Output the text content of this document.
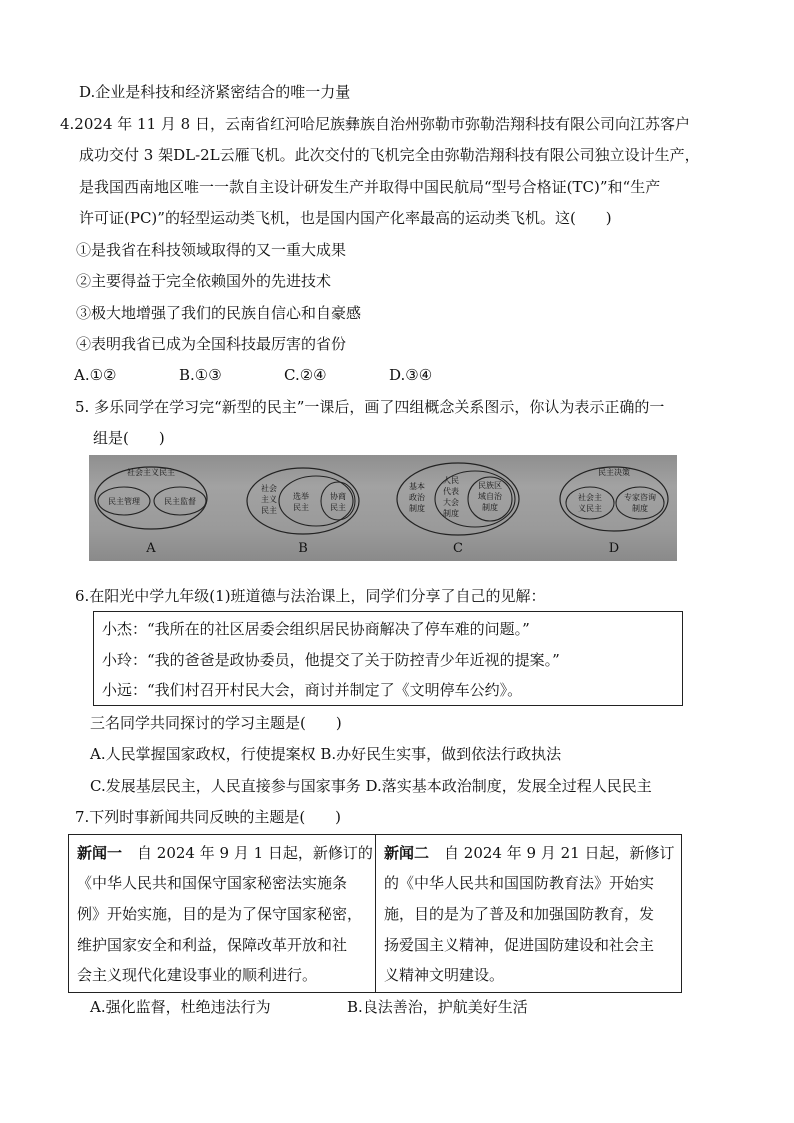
D.企业是科技和经济紧密结合的唯一力量
4.2024 年 11 月 8 日，云南省红河哈尼族彝族自治州弥勒市弥勒浩翔科技有限公司向江苏客户
成功交付 3 架DL-2L云雁飞机。此次交付的飞机完全由弥勒浩翔科技有限公司独立设计生产，
是我国西南地区唯一一款自主设计研发生产并取得中国民航局“型号合格证(TC)”和“生产
许可证(PC)”的轻型运动类飞机，也是国内国产化率最高的运动类飞机。这(　　)
①是我省在科技领域取得的又一重大成果
②主要得益于完全依赖国外的先进技术
③极大地增强了我们的民族自信心和自豪感
④表明我省已成为全国科技最厉害的省份
A.①②	B.①③	C.②④	D.③④
5. 多乐同学在学习完“新型的民主”一课后，画了四组概念关系图示，你认为表示正确的一
组是(　　)
社会主义民主
民主管理	民主监督
A
社会
主义
民主
选举
民主
协商
民主
B
基本
政治
制度
人民
代表
大会
制度
民族区
域自治
制度
C
民主决策
社会主
义民主
专家咨询
制度
D
6.在阳光中学九年级(1)班道德与法治课上，同学们分享了自己的见解：
小杰：“我所在的社区居委会组织居民协商解决了停车难的问题。”
小玲：“我的爸爸是政协委员，他提交了关于防控青少年近视的提案。”
小远：“我们村召开村民大会，商讨并制定了《文明停车公约》。
三名同学共同探讨的学习主题是(　　)
A.人民掌握国家政权，行使提案权 B.办好民生实事，做到依法行政执法
C.发展基层民主，人民直接参与国家事务 D.落实基本政治制度，发展全过程人民民主
7.下列时事新闻共同反映的主题是(　　)
新闻一　 自 2024 年 9 月 1 日起，新修订的
《中华人民共和国保守国家秘密法实施条
例》开始实施，目的是为了保守国家秘密，
维护国家安全和利益，保障改革开放和社
会主义现代化建设事业的顺利进行。
新闻二　 自 2024 年 9 月 21 日起，新修订
的《中华人民共和国国防教育法》开始实
施，目的是为了普及和加强国防教育，发
扬爱国主义精神，促进国防建设和社会主
义精神文明建设。
A.强化监督，杜绝违法行为	B.良法善治，护航美好生活
